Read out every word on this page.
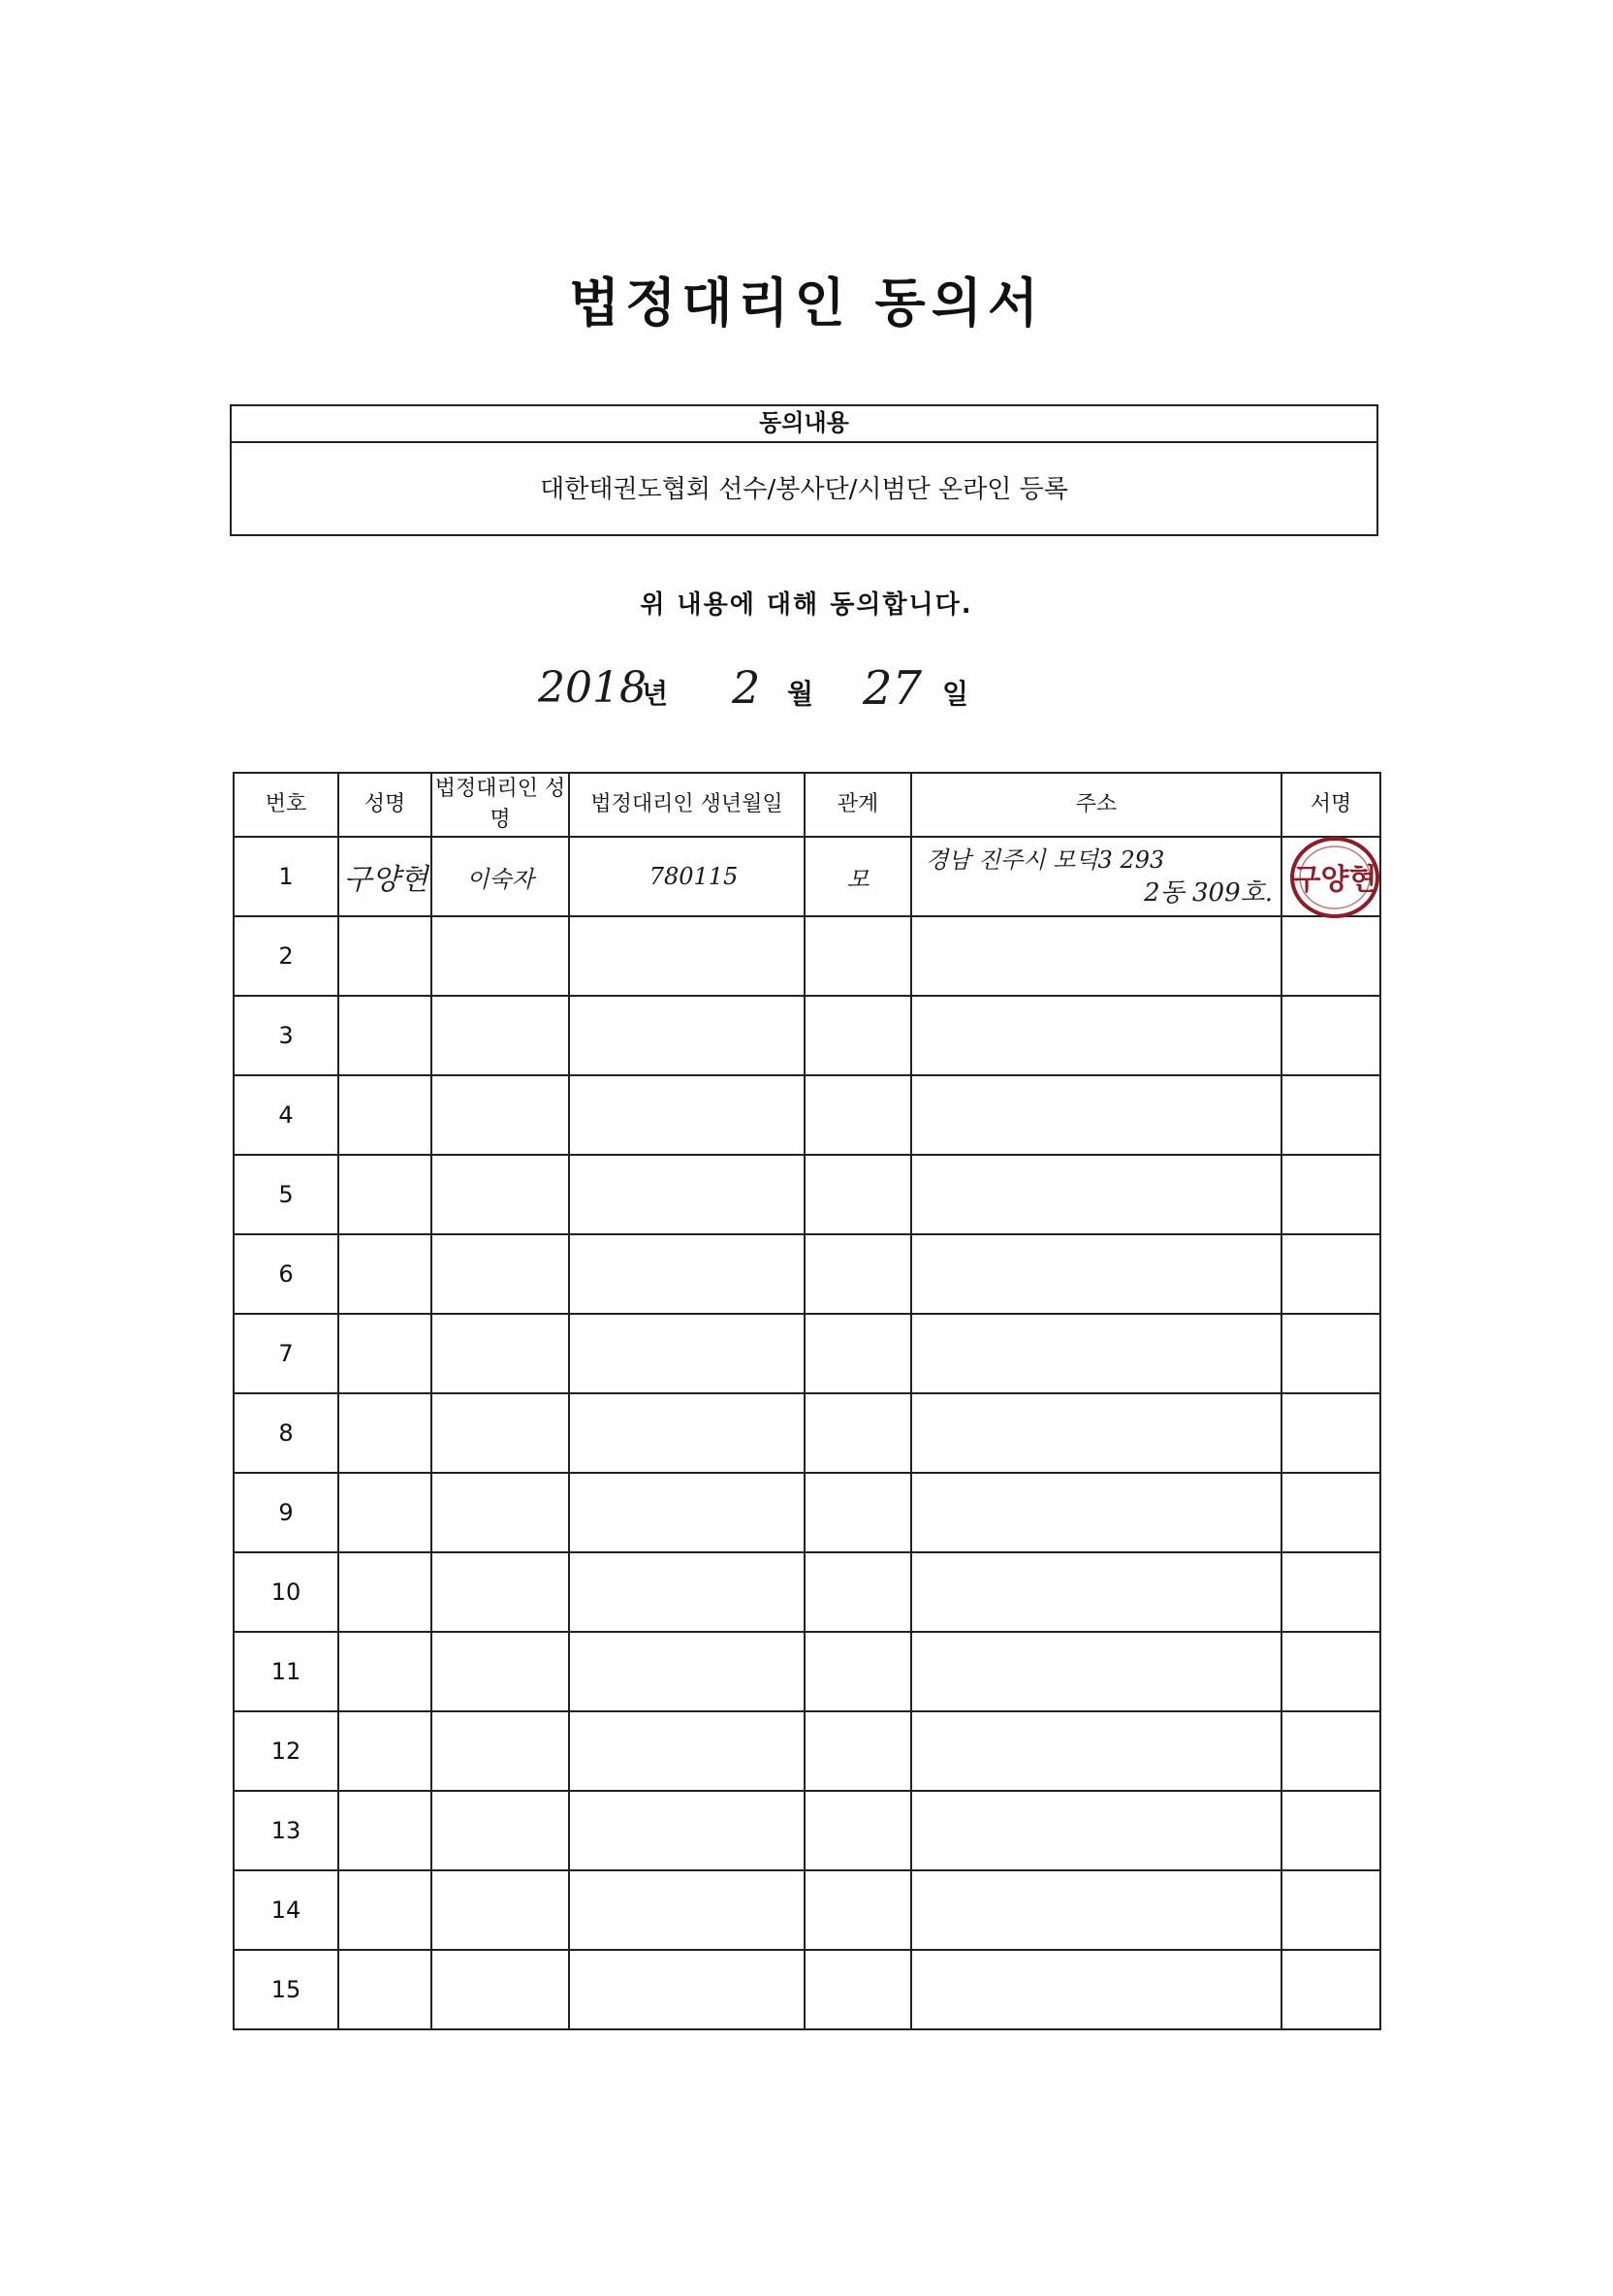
법정대리인 동의서
동의내용
대한태권도협회 선수/봉사단/시범단 온라인 등록
위 내용에 대해 동의합니다.
2018
년 2 월 27 일
번호	성명	법정대리인 성명	법정대리인 생년월일	관계	주소	서명
1	구양현	이숙자	780115	모	경남 진주시 모덕3 293
2동 309호.	구양현

2						
3						
4						
5						
6						
7						
8						
9						
10						
11						
12						
13						
14						
15						
